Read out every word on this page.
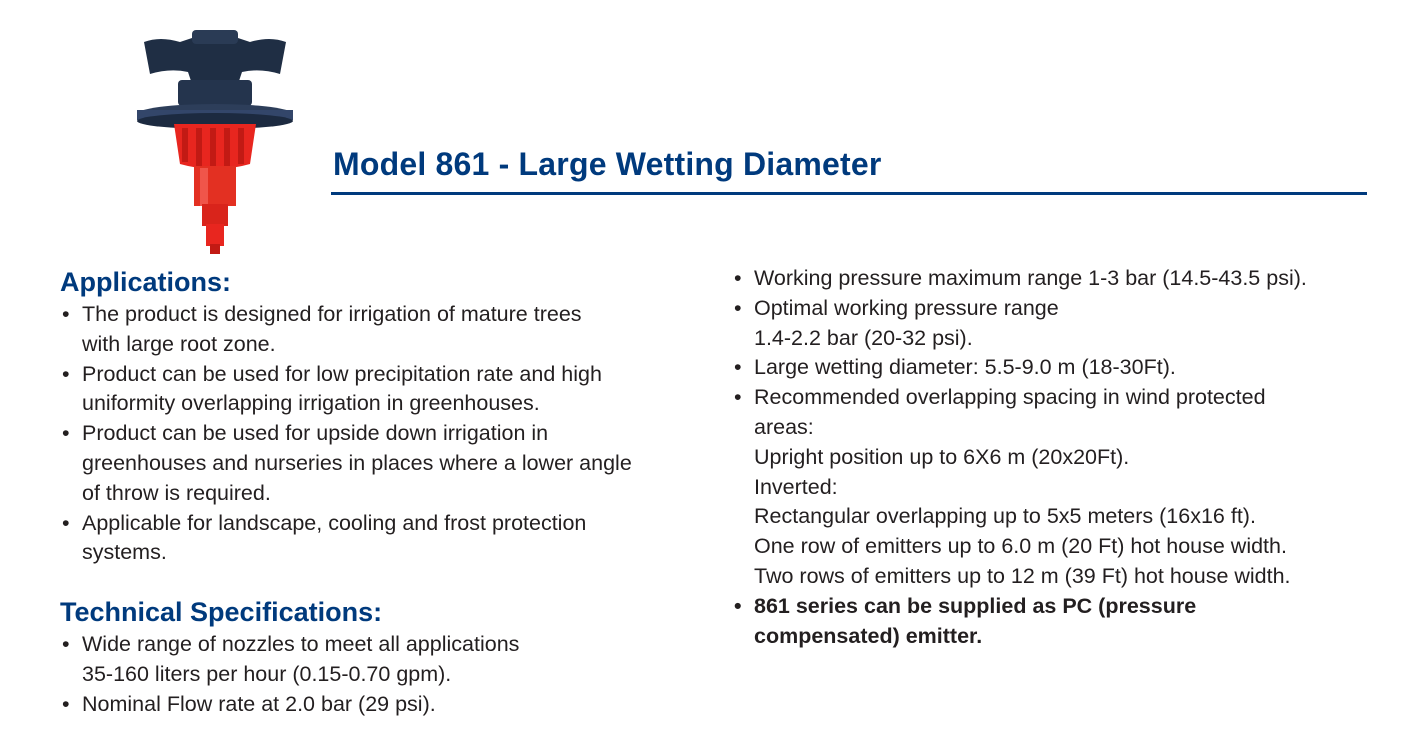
Model 861 - Large Wetting Diameter
Applications:
• The product is designed for irrigation of mature trees
with large root zone.
• Product can be used for low precipitation rate and high
uniformity overlapping irrigation in greenhouses.
• Product can be used for upside down irrigation in
greenhouses and nurseries in places where a lower angle
of throw is required.
• Applicable for landscape, cooling and frost protection
systems.
Technical Specifications:
• Wide range of nozzles to meet all applications
35-160 liters per hour (0.15-0.70 gpm).
• Nominal Flow rate at 2.0 bar (29 psi).
• Working pressure maximum range 1-3 bar (14.5-43.5 psi).
• Optimal working pressure range
1.4-2.2 bar (20-32 psi).
• Large wetting diameter: 5.5-9.0 m (18-30Ft).
• Recommended overlapping spacing in wind protected
areas:
Upright position up to 6X6 m (20x20Ft).
Inverted:
Rectangular overlapping up to 5x5 meters (16x16 ft).
One row of emitters up to 6.0 m (20 Ft) hot house width.
Two rows of emitters up to 12 m (39 Ft) hot house width.
• 861 series can be supplied as PC (pressure
compensated) emitter.
